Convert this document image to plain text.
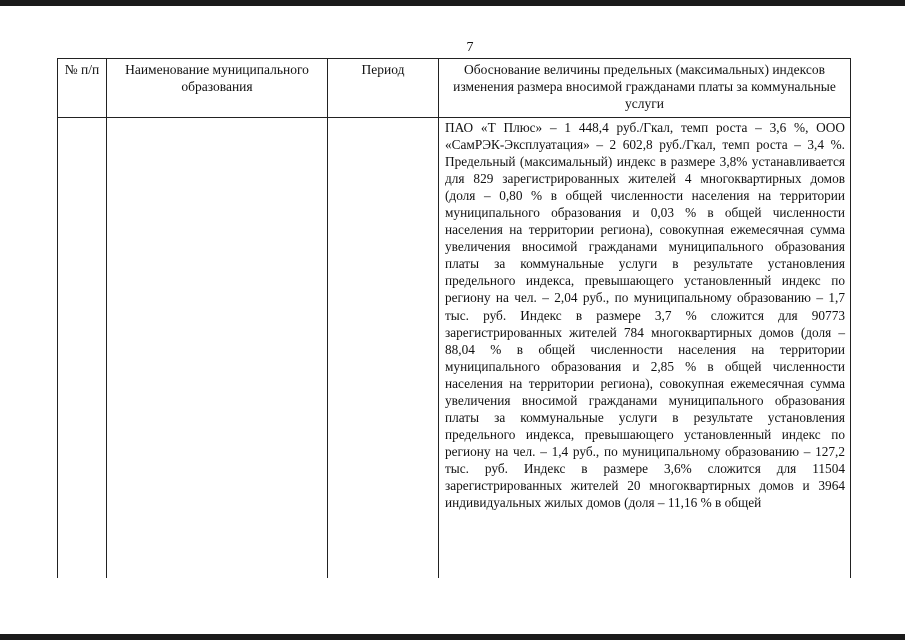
7
№ п/п	Наименование муниципального образования	Период	Обоснование величины предельных (максимальных) индексов изменения размера вносимой гражданами платы за коммунальные услуги

			ПАО «Т Плюс» – 1 448,4 руб./Гкал, темп роста – 3,6 %, ООО «СамРЭК-Эксплуатация» – 2 602,8 руб./Гкал, темп роста – 3,4 %. Предельный (максимальный) индекс в размере 3,8% устанавливается для 829 зарегистрированных жителей 4 многоквартирных домов (доля – 0,80 % в общей численности населения на территории муниципального образования и 0,03 % в общей численности населения на территории региона), совокупная ежемесячная сумма увеличения вносимой гражданами муниципального образования платы за коммунальные услуги в результате установления предельного индекса, превышающего установленный индекс по региону на чел. – 2,04 руб., по муниципальному образованию – 1,7 тыс. руб. Индекс в размере 3,7 % сложится для 90773 зарегистрированных жителей 784 многоквартирных домов (доля – 88,04 % в общей численности населения на территории муниципального образования и 2,85 % в общей численности населения на территории региона), совокупная ежемесячная сумма увеличения вносимой гражданами муниципального образования платы за коммунальные услуги в результате установления предельного индекса, превышающего установленный индекс по региону на чел. – 1,4 руб., по муниципальному образованию – 127,2 тыс. руб. Индекс в размере 3,6% сложится для 11504 зарегистрированных жителей 20 многоквартирных домов и 3964 индивидуальных жилых домов (доля – 11,16 % в общей
